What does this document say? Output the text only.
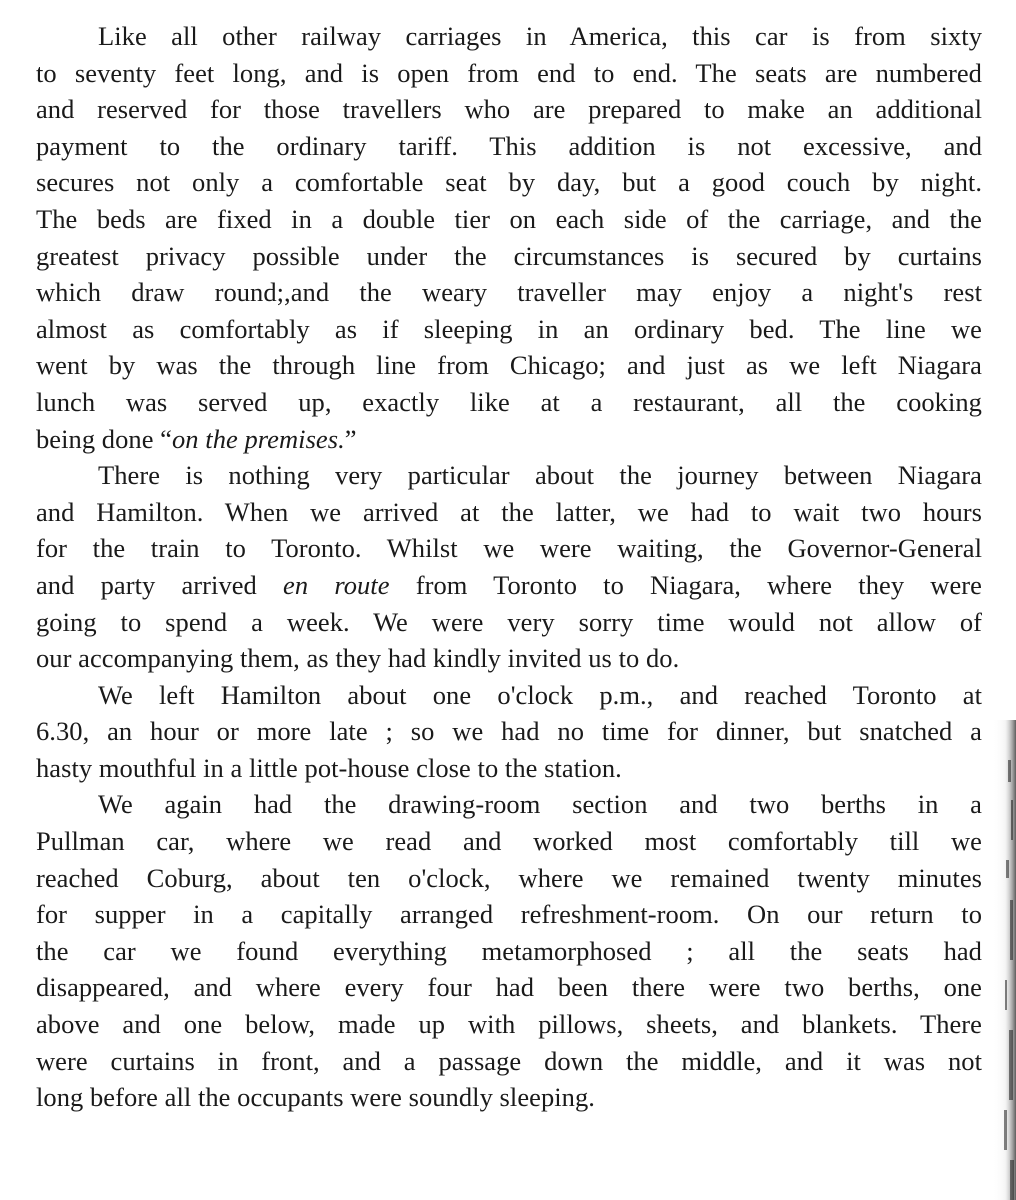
Like all other railway carriages in America, this car is from sixty
to seventy feet long, and is open from end to end. The seats are numbered
and reserved for those travellers who are prepared to make an additional
payment to the ordinary tariff. This addition is not excessive, and
secures not only a comfortable seat by day, but a good couch by night.
The beds are fixed in a double tier on each side of the carriage, and the
greatest privacy possible under the circumstances is secured by curtains
which draw round;,and the weary traveller may enjoy a night's rest
almost as comfortably as if sleeping in an ordinary bed. The line we
went by was the through line from Chicago; and just as we left Niagara
lunch was served up, exactly like at a restaurant, all the cooking
being done “on the premises.”
There is nothing very particular about the journey between Niagara
and Hamilton. When we arrived at the latter, we had to wait two hours
for the train to Toronto. Whilst we were waiting, the Governor-General
and party arrived en route from Toronto to Niagara, where they were
going to spend a week. We were very sorry time would not allow of
our accompanying them, as they had kindly invited us to do.
We left Hamilton about one o'clock p.m., and reached Toronto at
6.30, an hour or more late ; so we had no time for dinner, but snatched a
hasty mouthful in a little pot-house close to the station.
We again had the drawing-room section and two berths in a
Pullman car, where we read and worked most comfortably till we
reached Coburg, about ten o'clock, where we remained twenty minutes
for supper in a capitally arranged refreshment-room. On our return to
the car we found everything metamorphosed ; all the seats had
disappeared, and where every four had been there were two berths, one
above and one below, made up with pillows, sheets, and blankets. There
were curtains in front, and a passage down the middle, and it was not
long before all the occupants were soundly sleeping.
